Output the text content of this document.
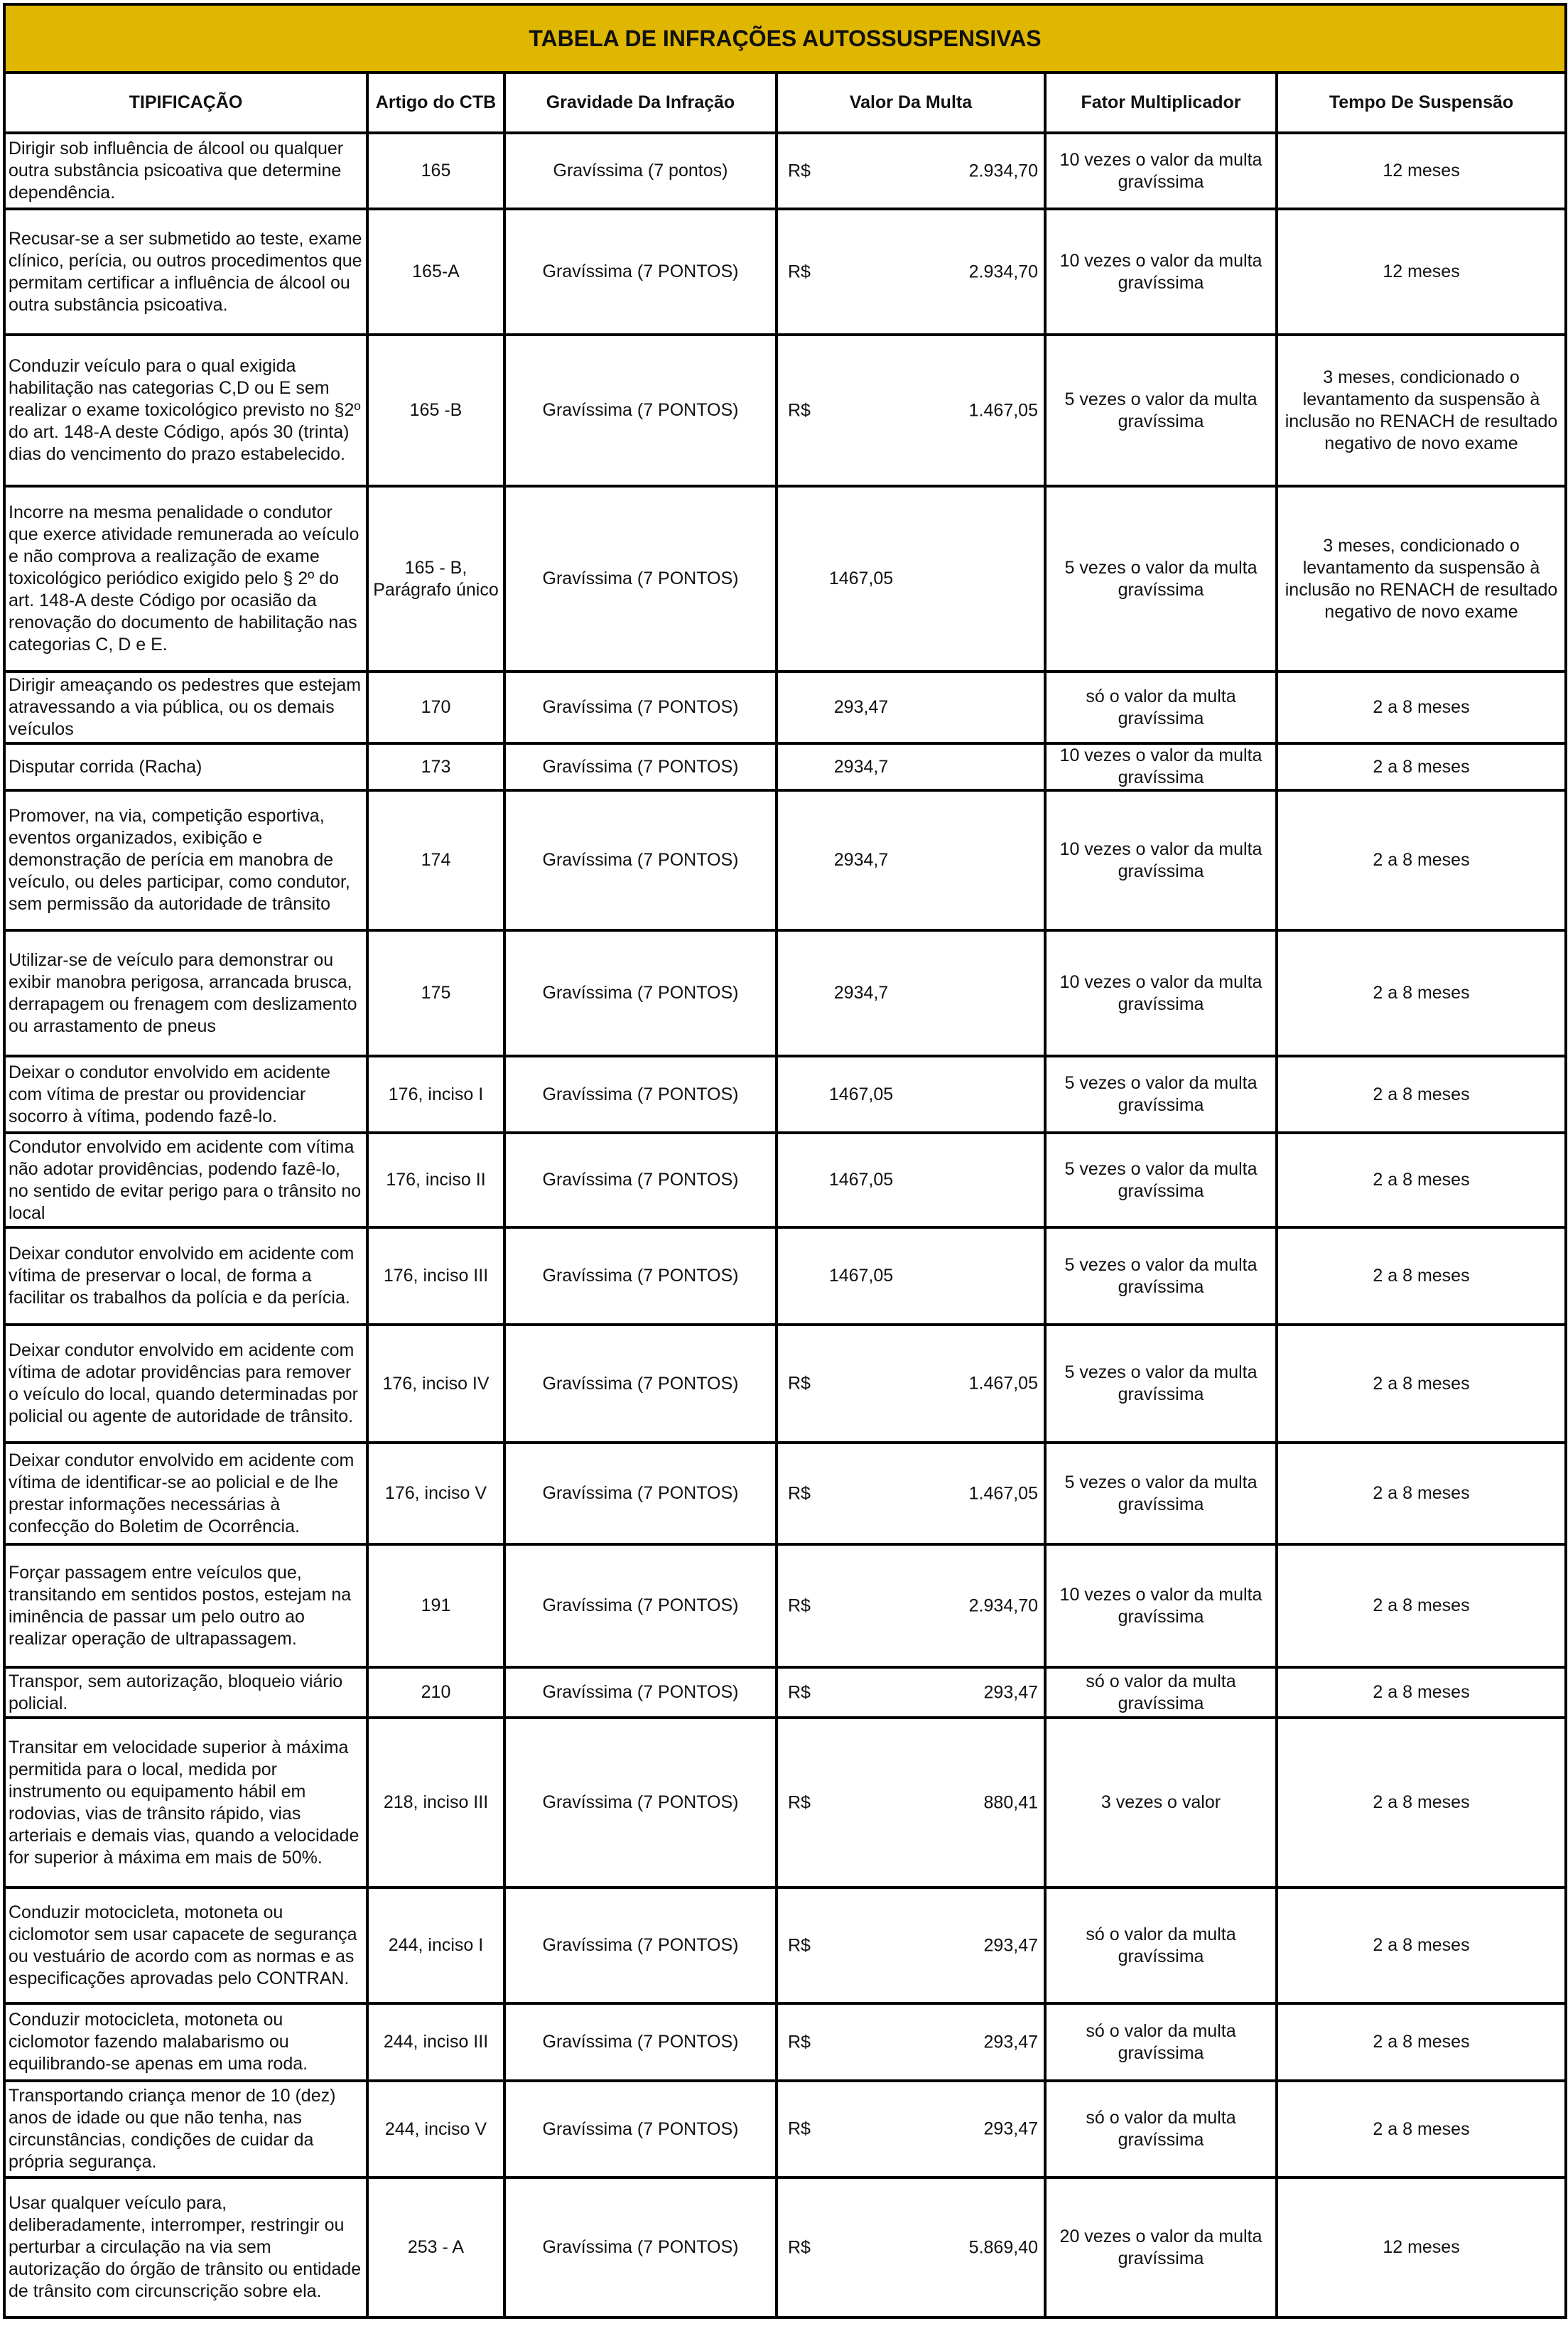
TABELA DE INFRAÇÕES AUTOSSUSPENSIVAS					
TIPIFICAÇÃO	Artigo do CTB	Gravidade Da Infração	Valor Da Multa	Fator Multiplicador	Tempo De Suspensão
Dirigir sob influência de álcool ou qualquer outra substância psicoativa que determine dependência.	165	Gravíssima (7 pontos)	R$ 2.934,70	10 vezes o valor da multa gravíssima	12 meses
Recusar-se a ser submetido ao teste, exame clínico, perícia, ou outros procedimentos que permitam certificar a influência de álcool ou outra substância psicoativa.	165-A	Gravíssima (7 PONTOS)	R$ 2.934,70	10 vezes o valor da multa gravíssima	12 meses
Conduzir veículo para o qual exigida habilitação nas categorias C,D ou E sem realizar o exame toxicológico previsto no §2º do art. 148-A deste Código, após 30 (trinta) dias do vencimento do prazo estabelecido.	165 -B	Gravíssima (7 PONTOS)	R$ 1.467,05	5 vezes o valor da multa gravíssima	3 meses, condicionado o levantamento da suspensão à inclusão no RENACH de resultado negativo de novo exame
Incorre na mesma penalidade o condutor que exerce atividade remunerada ao veículo e não comprova a realização de exame toxicológico periódico exigido pelo § 2º do art. 148-A deste Código por ocasião da renovação do documento de habilitação nas categorias C, D e E.	165 - B, Parágrafo único	Gravíssima (7 PONTOS)	1467,05	5 vezes o valor da multa gravíssima	3 meses, condicionado o levantamento da suspensão à inclusão no RENACH de resultado negativo de novo exame
Dirigir ameaçando os pedestres que estejam atravessando a via pública, ou os demais veículos	170	Gravíssima (7 PONTOS)	293,47	só o valor da multa gravíssima	2 a 8 meses
Disputar corrida (Racha)	173	Gravíssima (7 PONTOS)	2934,7	10 vezes o valor da multa gravíssima	2 a 8 meses
Promover, na via, competição esportiva, eventos organizados, exibição e demonstração de perícia em manobra de veículo, ou deles participar, como condutor, sem permissão da autoridade de trânsito	174	Gravíssima (7 PONTOS)	2934,7	10 vezes o valor da multa gravíssima	2 a 8 meses
Utilizar-se de veículo para demonstrar ou exibir manobra perigosa, arrancada brusca, derrapagem ou frenagem com deslizamento ou arrastamento de pneus	175	Gravíssima (7 PONTOS)	2934,7	10 vezes o valor da multa gravíssima	2 a 8 meses
Deixar o condutor envolvido em acidente com vítima de prestar ou providenciar socorro à vítima, podendo fazê-lo.	176, inciso I	Gravíssima (7 PONTOS)	1467,05	5 vezes o valor da multa gravíssima	2 a 8 meses
Condutor envolvido em acidente com vítima não adotar providências, podendo fazê-lo, no sentido de evitar perigo para o trânsito no local	176, inciso II	Gravíssima (7 PONTOS)	1467,05	5 vezes o valor da multa gravíssima	2 a 8 meses
Deixar condutor envolvido em acidente com vítima de preservar o local, de forma a facilitar os trabalhos da polícia e da perícia.	176, inciso III	Gravíssima (7 PONTOS)	1467,05	5 vezes o valor da multa gravíssima	2 a 8 meses
Deixar condutor envolvido em acidente com vítima de adotar providências para remover o veículo do local, quando determinadas por policial ou agente de autoridade de trânsito.	176, inciso IV	Gravíssima (7 PONTOS)	R$ 1.467,05	5 vezes o valor da multa gravíssima	2 a 8 meses
Deixar condutor envolvido em acidente com vítima de identificar-se ao policial e de lhe prestar informações necessárias à confecção do Boletim de Ocorrência.	176, inciso V	Gravíssima (7 PONTOS)	R$ 1.467,05	5 vezes o valor da multa gravíssima	2 a 8 meses
Forçar passagem entre veículos que, transitando em sentidos postos, estejam na iminência de passar um pelo outro ao realizar operação de ultrapassagem.	191	Gravíssima (7 PONTOS)	R$ 2.934,70	10 vezes o valor da multa gravíssima	2 a 8 meses
Transpor, sem autorização, bloqueio viário policial.	210	Gravíssima (7 PONTOS)	R$ 293,47	só o valor da multa gravíssima	2 a 8 meses
Transitar em velocidade superior à máxima permitida para o local, medida por instrumento ou equipamento hábil em rodovias, vias de trânsito rápido, vias arteriais e demais vias, quando a velocidade for superior à máxima em mais de 50%.	218, inciso III	Gravíssima (7 PONTOS)	R$ 880,41	3 vezes o valor	2 a 8 meses
Conduzir motocicleta, motoneta ou ciclomotor sem usar capacete de segurança ou vestuário de acordo com as normas e as especificações aprovadas pelo CONTRAN.	244, inciso I	Gravíssima (7 PONTOS)	R$ 293,47	só o valor da multa gravíssima	2 a 8 meses
Conduzir motocicleta, motoneta ou ciclomotor fazendo malabarismo ou equilibrando-se apenas em uma roda.	244, inciso III	Gravíssima (7 PONTOS)	R$ 293,47	só o valor da multa gravíssima	2 a 8 meses
Transportando criança menor de 10 (dez) anos de idade ou que não tenha, nas circunstâncias, condições de cuidar da própria segurança.	244, inciso V	Gravíssima (7 PONTOS)	R$ 293,47	só o valor da multa gravíssima	2 a 8 meses
Usar qualquer veículo para, deliberadamente, interromper, restringir ou perturbar a circulação na via sem autorização do órgão de trânsito ou entidade de trânsito com circunscrição sobre ela.	253 - A	Gravíssima (7 PONTOS)	R$ 5.869,40	20 vezes o valor da multa gravíssima	12 meses
